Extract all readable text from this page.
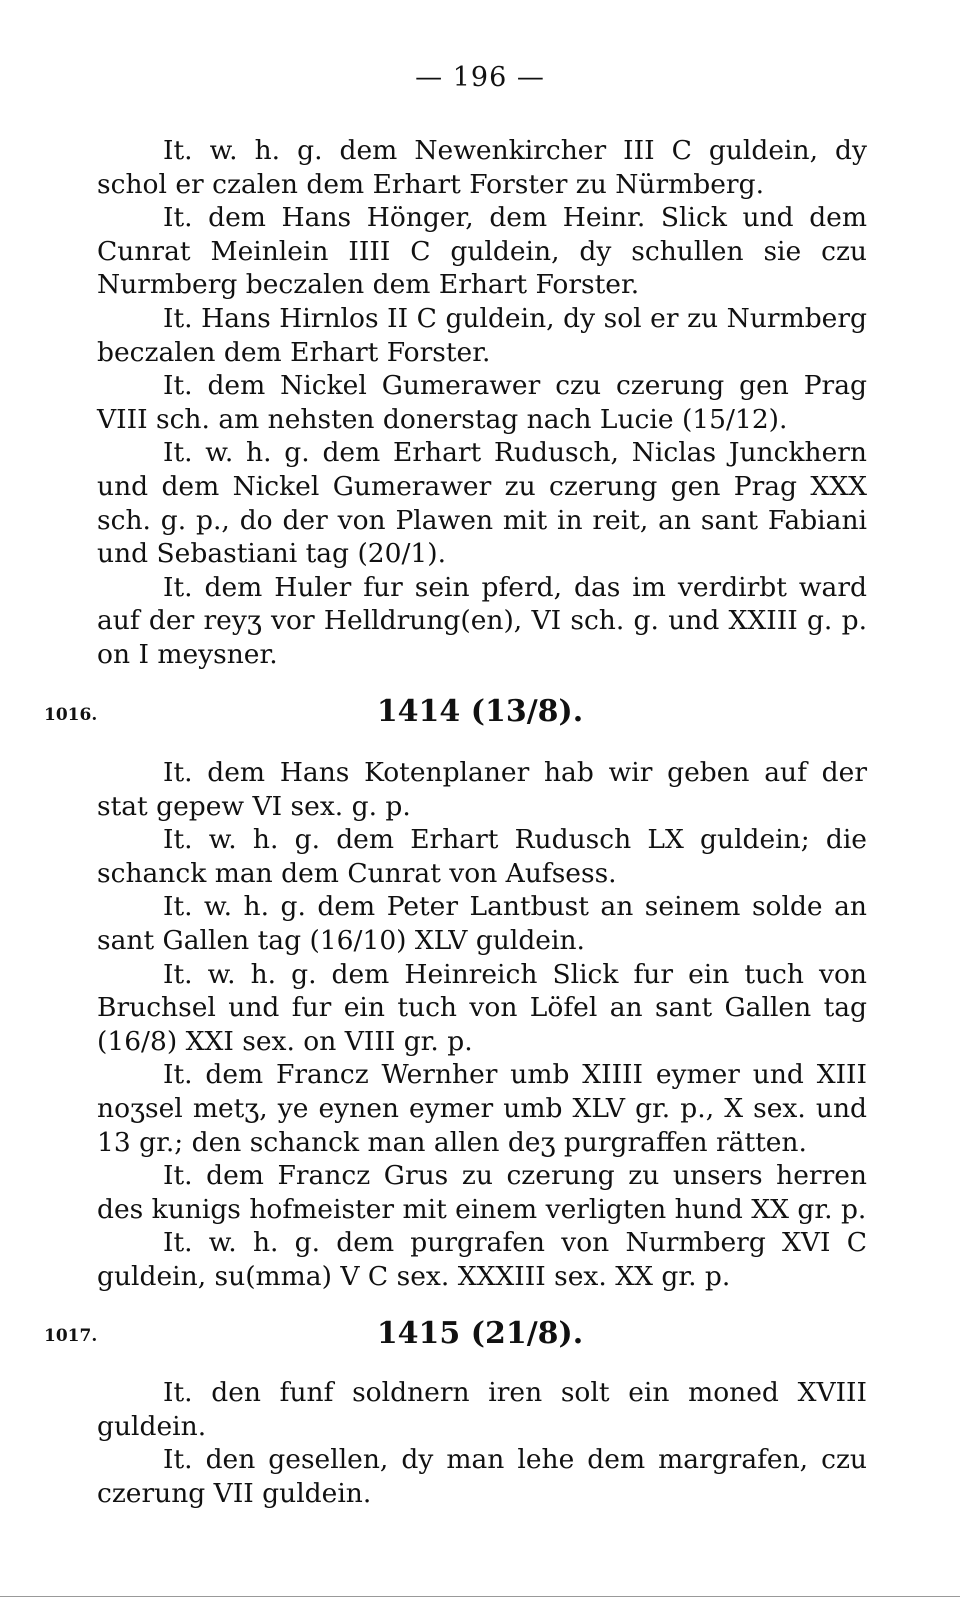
— 196 —

It. w. h. g. dem Newenkircher III C guldein, dy schol er czalen dem Erhart Forster zu Nürmberg.

It. dem Hans Hönger, dem Heinr. Slick und dem Cunrat Meinlein IIII C guldein, dy schullen sie czu Nurmberg beczalen dem Erhart Forster.

It. Hans Hirnlos II C guldein, dy sol er zu Nurmberg beczalen dem Erhart Forster.

It. dem Nickel Gumerawer czu czerung gen Prag VIII sch. am nehsten donerstag nach Lucie (15/12).

It. w. h. g. dem Erhart Rudusch, Niclas Junckhern und dem Nickel Gumerawer zu czerung gen Prag XXX sch. g. p., do der von Plawen mit in reit, an sant Fabiani und Sebastiani tag (20/1).

It. dem Huler fur sein pferd, das im verdirbt ward auf der reyʒ vor Helldrung(en), VI sch. g. und XXIII g. p. on I meysner.

1016.	1414 (13/8).

It. dem Hans Kotenplaner hab wir geben auf der stat gepew VI sex. g. p.

It. w. h. g. dem Erhart Rudusch LX guldein; die schanck man dem Cunrat von Aufsess.

It. w. h. g. dem Peter Lantbust an seinem solde an sant Gallen tag (16/10) XLV guldein.

It. w. h. g. dem Heinreich Slick fur ein tuch von Bruchsel und fur ein tuch von Löfel an sant Gallen tag (16/8) XXI sex. on VIII gr. p.

It. dem Francz Wernher umb XIIII eymer und XIII noʒsel metʒ, ye eynen eymer umb XLV gr. p., X sex. und 13 gr.; den schanck man allen deʒ purgraffen rätten.

It. dem Francz Grus zu czerung zu unsers herren des kunigs hofmeister mit einem verligten hund XX gr. p.

It. w. h. g. dem purgrafen von Nurmberg XVI C guldein, su(mma) V C sex. XXXIII sex. XX gr. p.

1017.	1415 (21/8).

It. den funf soldnern iren solt ein moned XVIII guldein.

It. den gesellen, dy man lehe dem margrafen, czu czerung VII guldein.
